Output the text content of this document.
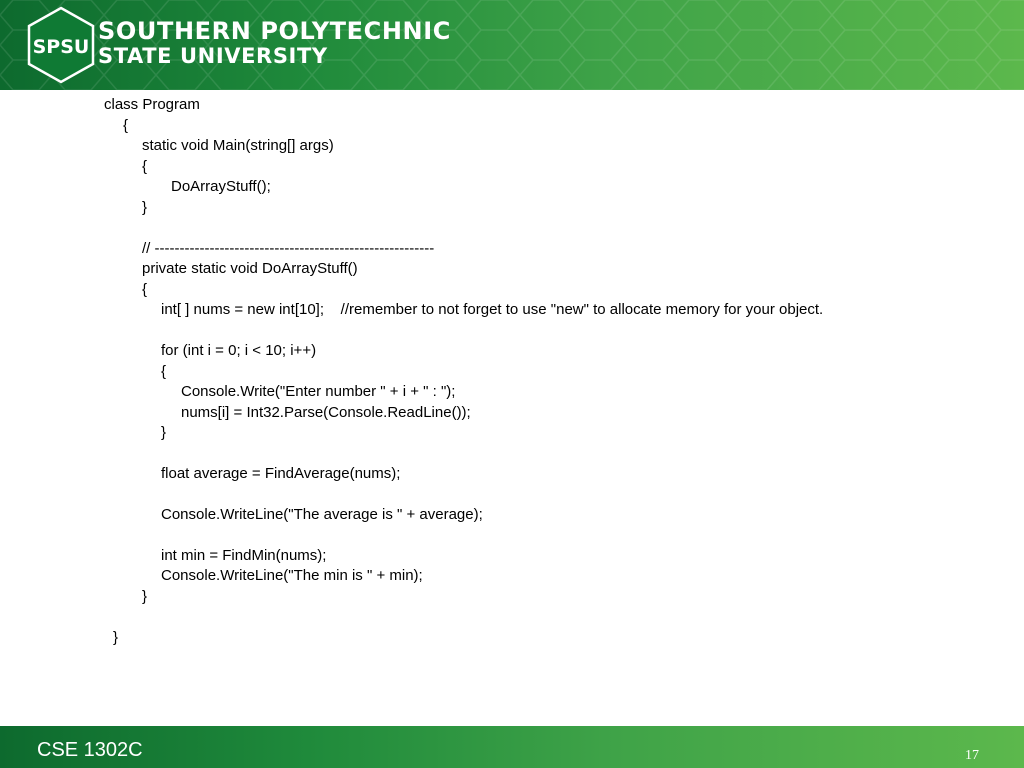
SPSU
SOUTHERN POLYTECHNIC
STATE UNIVERSITY
class Program
{
static void Main(string[] args)
{
DoArrayStuff();
}
// --------------------------------------------------------
private static void DoArrayStuff()
{
int[ ] nums = new int[10];    //remember to not forget to use "new" to allocate memory for your object.
for (int i = 0; i < 10; i++)
{
Console.Write("Enter number " + i + " : ");
nums[i] = Int32.Parse(Console.ReadLine());
}
float average = FindAverage(nums);
Console.WriteLine("The average is " + average);
int min = FindMin(nums);
Console.WriteLine("The min is " + min);
}
}
CSE 1302C	17
